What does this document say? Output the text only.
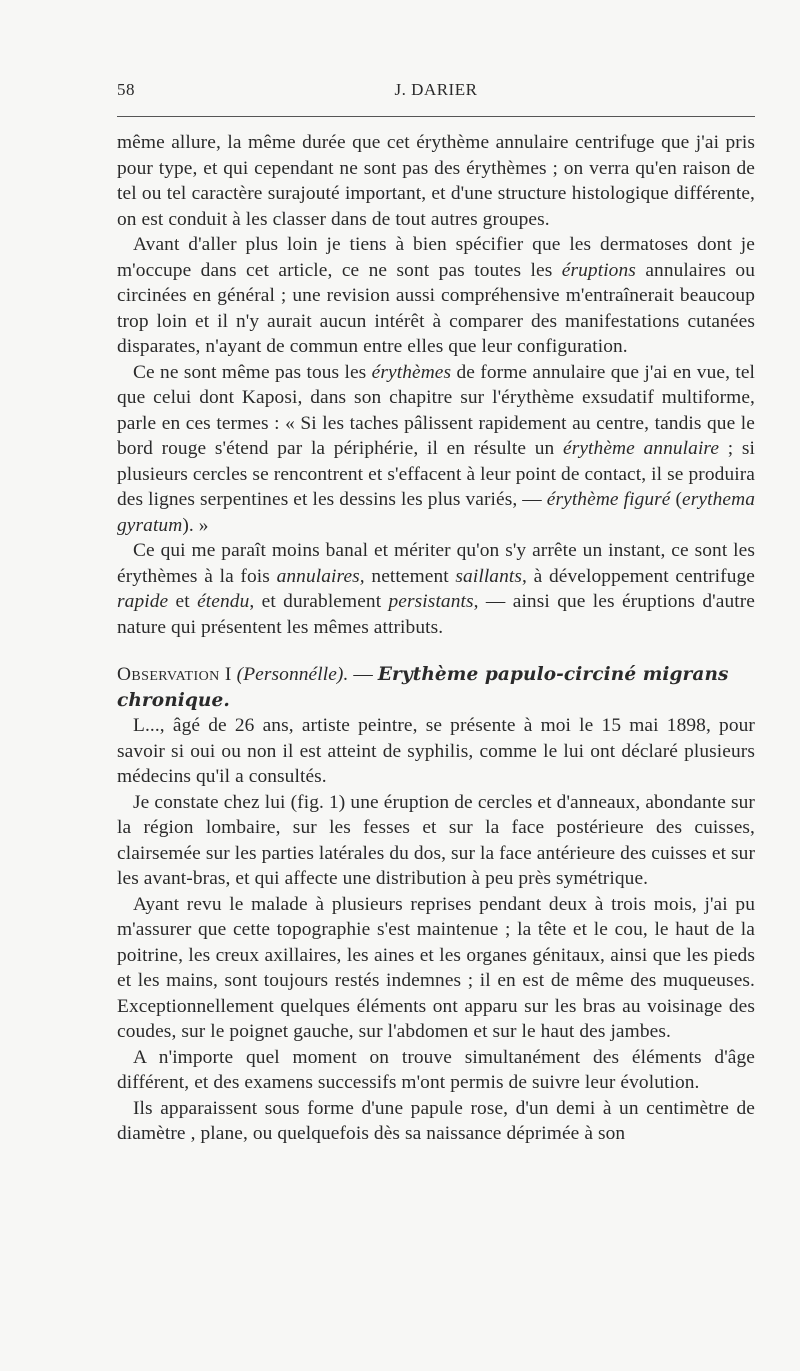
58	J. DARIER

même allure, la même durée que cet érythème annulaire centrifuge que j'ai pris pour type, et qui cependant ne sont pas des érythèmes ; on verra qu'en raison de tel ou tel caractère surajouté important, et d'une structure histologique différente, on est conduit à les classer dans de tout autres groupes.

Avant d'aller plus loin je tiens à bien spécifier que les dermatoses dont je m'occupe dans cet article, ce ne sont pas toutes les éruptions annulaires ou circinées en général ; une revision aussi compréhensive m'entraînerait beaucoup trop loin et il n'y aurait aucun intérêt à comparer des manifestations cutanées disparates, n'ayant de commun entre elles que leur configuration.

Ce ne sont même pas tous les érythèmes de forme annulaire que j'ai en vue, tel que celui dont Kaposi, dans son chapitre sur l'érythème exsudatif multiforme, parle en ces termes : « Si les taches pâlissent rapidement au centre, tandis que le bord rouge s'étend par la périphérie, il en résulte un érythème annulaire ; si plusieurs cercles se rencontrent et s'effacent à leur point de contact, il se produira des lignes serpentines et les dessins les plus variés, — érythème figuré (erythema gyratum). »

Ce qui me paraît moins banal et mériter qu'on s'y arrête un instant, ce sont les érythèmes à la fois annulaires, nettement saillants, à développement centrifuge rapide et étendu, et durablement persistants, — ainsi que les éruptions d'autre nature qui présentent les mêmes attributs.

Observation I (Personnélle). — Erythème papulo-circiné migrans chronique.

L..., âgé de 26 ans, artiste peintre, se présente à moi le 15 mai 1898, pour savoir si oui ou non il est atteint de syphilis, comme le lui ont déclaré plusieurs médecins qu'il a consultés.

Je constate chez lui (fig. 1) une éruption de cercles et d'anneaux, abondante sur la région lombaire, sur les fesses et sur la face postérieure des cuisses, clairsemée sur les parties latérales du dos, sur la face antérieure des cuisses et sur les avant-bras, et qui affecte une distribution à peu près symétrique.

Ayant revu le malade à plusieurs reprises pendant deux à trois mois, j'ai pu m'assurer que cette topographie s'est maintenue ; la tête et le cou, le haut de la poitrine, les creux axillaires, les aines et les organes génitaux, ainsi que les pieds et les mains, sont toujours restés indemnes ; il en est de même des muqueuses. Exceptionnellement quelques éléments ont apparu sur les bras au voisinage des coudes, sur le poignet gauche, sur l'abdomen et sur le haut des jambes.

A n'importe quel moment on trouve simultanément des éléments d'âge différent, et des examens successifs m'ont permis de suivre leur évolution.

Ils apparaissent sous forme d'une papule rose, d'un demi à un centimètre de diamètre , plane, ou quelquefois dès sa naissance déprimée à son
